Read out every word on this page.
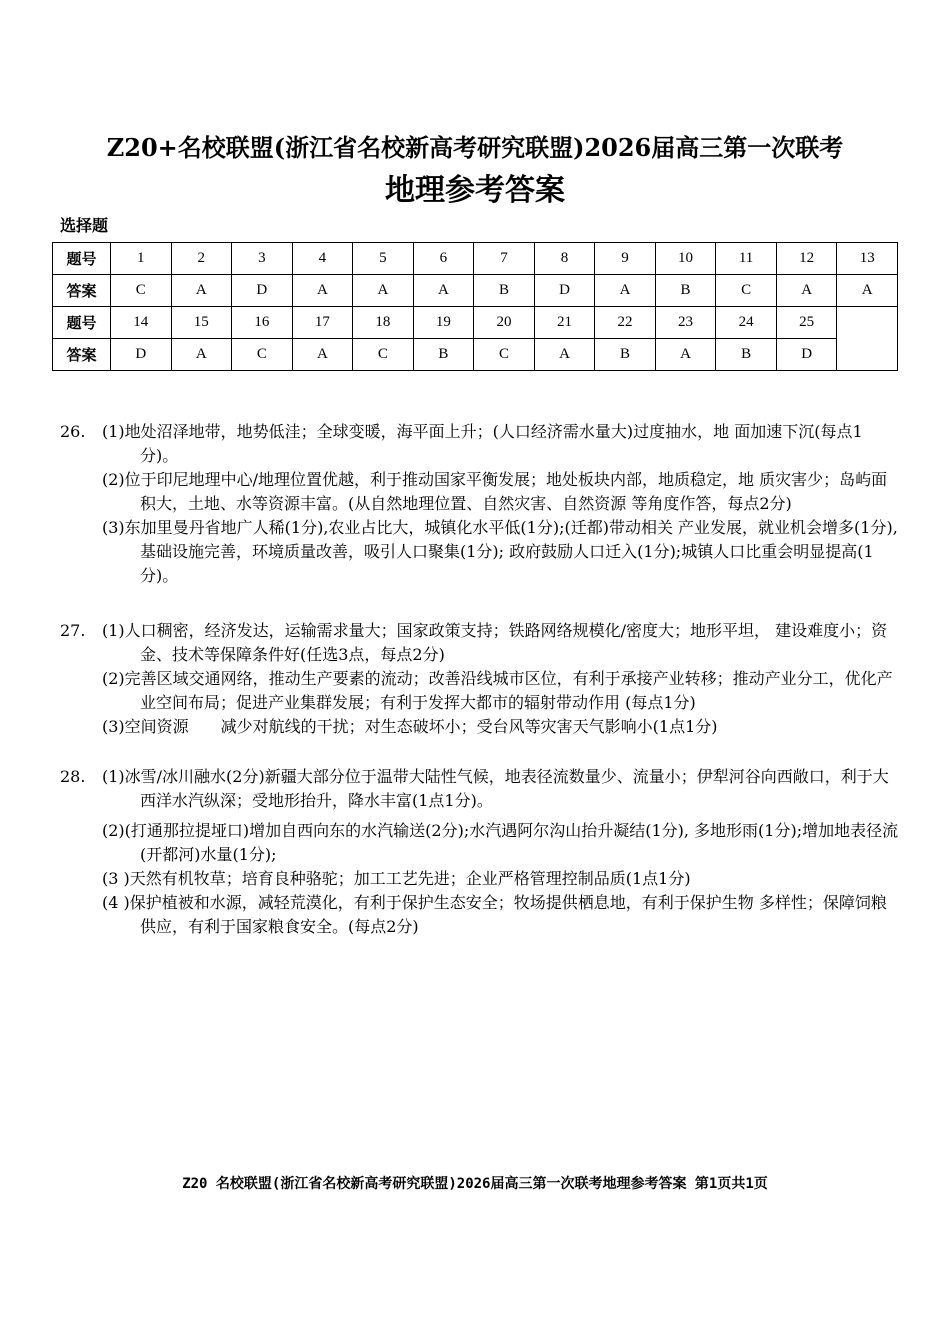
Z20+名校联盟(浙江省名校新高考研究联盟)2026届高三第一次联考
地理参考答案
选择题
题号	1	2	3	4	5	6	7	8	9	10	11	12	13
答案	C	A	D	A	A	A	B	D	A	B	C	A	A
题号	14	15	16	17	18	19	20	21	22	23	24	25	
答案	D	A	C	A	C	B	C	A	B	A	B	D	
26.	(1)地处沼泽地带，地势低洼；全球变暖，海平面上升；(人口经济需水量大)过度抽水，地 面加速下沉(每点1分)。
(2)位于印尼地理中心/地理位置优越，利于推动国家平衡发展；地处板块内部，地质稳定，地 质灾害少；岛屿面积大，土地、水等资源丰富。(从自然地理位置、自然灾害、自然资源 等角度作答，每点2分)
(3)东加里曼丹省地广人稀(1分),农业占比大，城镇化水平低(1分);(迁都)带动相关 产业发展，就业机会增多(1分),基础设施完善，环境质量改善，吸引人口聚集(1分); 政府鼓励人口迁入(1分);城镇人口比重会明显提高(1分)。
27.	(1)人口稠密，经济发达，运输需求量大；国家政策支持；铁路网络规模化/密度大；地形平坦， 建设难度小；资金、技术等保障条件好(任选3点，每点2分)
(2)完善区域交通网络，推动生产要素的流动；改善沿线城市区位，有利于承接产业转移；推动产业分工，优化产业空间布局；促进产业集群发展；有利于发挥大都市的辐射带动作用 (每点1分)
(3)空间资源　　减少对航线的干扰；对生态破坏小；受台风等灾害天气影响小(1点1分)
28.	(1)冰雪/冰川融水(2分)新疆大部分位于温带大陆性气候，地表径流数量少、流量小；伊犁河谷向西敞口，利于大西洋水汽纵深；受地形抬升，降水丰富(1点1分)。
(2)(打通那拉提垭口)增加自西向东的水汽输送(2分);水汽遇阿尔沟山抬升凝结(1分), 多地形雨(1分);增加地表径流(开都河)水量(1分);
(3 )天然有机牧草；培育良种骆驼；加工工艺先进；企业严格管理控制品质(1点1分)
(4 )保护植被和水源，减轻荒漠化，有利于保护生态安全；牧场提供栖息地，有利于保护生物 多样性；保障饲粮供应，有利于国家粮食安全。(每点2分)
Z20 名校联盟(浙江省名校新高考研究联盟)2026届高三第一次联考地理参考答案 第1页共1页
